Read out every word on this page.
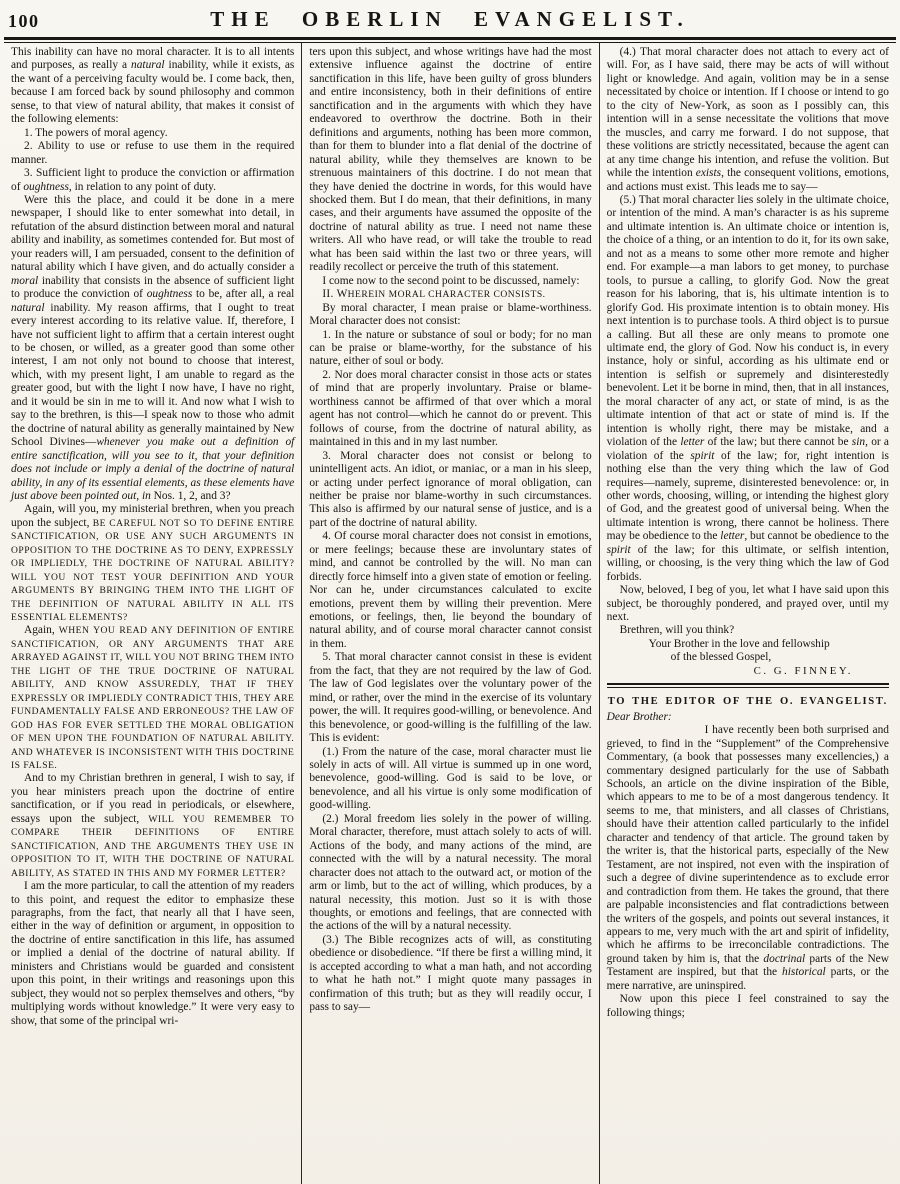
100	THE OBERLIN EVANGELIST.
This inability can have no moral character. It is to all intents and purposes, as really a natural inability, while it exists, as the want of a perceiving faculty would be. I come back, then, because I am forced back by sound philosophy and common sense, to that view of natural ability, that makes it consist of the following elements:
1. The powers of moral agency.
2. Ability to use or refuse to use them in the required manner.
3. Sufficient light to produce the conviction or affirmation of oughtness, in relation to any point of duty.
Were this the place, and could it be done in a mere newspaper, I should like to enter somewhat into detail, in refutation of the absurd distinction between moral and natural ability and inability, as sometimes contended for. But most of your readers will, I am persuaded, consent to the definition of natural ability which I have given, and do actually consider a moral inability that consists in the absence of sufficient light to produce the conviction of oughtness to be, after all, a real natural inability. My reason affirms, that I ought to treat every interest according to its relative value. If, therefore, I have not sufficient light to affirm that a certain interest ought to be chosen, or willed, as a greater good than some other interest, I am not only not bound to choose that interest, which, with my present light, I am unable to regard as the greater good, but with the light I now have, I have no right, and it would be sin in me to will it. And now what I wish to say to the brethren, is this—I speak now to those who admit the doctrine of natural ability as generally maintained by New School Divines—whenever you make out a definition of entire sanctification, will you see to it, that your definition does not include or imply a denial of the doctrine of natural ability, in any of its essential elements, as these elements have just above been pointed out, in Nos. 1, 2, and 3?
Again, will you, my ministerial brethren, when you preach upon the subject, BE CAREFUL NOT SO TO DEFINE ENTIRE SANCTIFICATION, OR USE ANY SUCH ARGUMENTS IN OPPOSITION TO THE DOCTRINE AS TO DENY, EXPRESSLY OR IMPLIEDLY, THE DOCTRINE OF NATURAL ABILITY? WILL YOU NOT TEST YOUR DEFINITION AND YOUR ARGUMENTS BY BRINGING THEM INTO THE LIGHT OF THE DEFINITION OF NATURAL ABILITY IN ALL ITS ESSENTIAL ELEMENTS?
Again, WHEN YOU READ ANY DEFINITION OF ENTIRE SANCTIFICATION, OR ANY ARGUMENTS THAT ARE ARRAYED AGAINST IT, WILL YOU NOT BRING THEM INTO THE LIGHT OF THE TRUE DOCTRINE OF NATURAL ABILITY, AND KNOW ASSUREDLY, THAT IF THEY EXPRESSLY OR IMPLIEDLY CONTRADICT THIS, THEY ARE FUNDAMENTALLY FALSE AND ERRONEOUS? THE LAW OF GOD HAS FOR EVER SETTLED THE MORAL OBLIGATION OF MEN UPON THE FOUNDATION OF NATURAL ABILITY. AND WHATEVER IS INCONSISTENT WITH THIS DOCTRINE IS FALSE.
And to my Christian brethren in general, I wish to say, if you hear ministers preach upon the doctrine of entire sanctification, or if you read in periodicals, or elsewhere, essays upon the subject, WILL YOU REMEMBER TO COMPARE THEIR DEFINITIONS OF ENTIRE SANCTIFICATION, AND THE ARGUMENTS THEY USE IN OPPOSITION TO IT, WITH THE DOCTRINE OF NATURAL ABILITY, AS STATED IN THIS AND MY FORMER LETTER?
I am the more particular, to call the attention of my readers to this point, and request the editor to emphasize these paragraphs, from the fact, that nearly all that I have seen, either in the way of definition or argument, in opposition to the doctrine of entire sanctification in this life, has assumed or implied a denial of the doctrine of natural ability. If ministers and Christians would be guarded and consistent upon this point, in their writings and reasonings upon this subject, they would not so perplex themselves and others, “by multiplying words without knowledge.” It were very easy to show, that some of the principal wri-
ters upon this subject, and whose writings have had the most extensive influence against the doctrine of entire sanctification in this life, have been guilty of gross blunders and entire inconsistency, both in their definitions of entire sanctification and in the arguments with which they have endeavored to overthrow the doctrine. Both in their definitions and arguments, nothing has been more common, than for them to blunder into a flat denial of the doctrine of natural ability, while they themselves are known to be strenuous maintainers of this doctrine. I do not mean that they have denied the doctrine in words, for this would have shocked them. But I do mean, that their definitions, in many cases, and their arguments have assumed the opposite of the doctrine of natural ability as true. I need not name these writers. All who have read, or will take the trouble to read what has been said within the last two or three years, will readily recollect or perceive the truth of this statement.
I come now to the second point to be discussed, namely:
II. WHEREIN MORAL CHARACTER CONSISTS.
By moral character, I mean praise or blame-worthiness. Moral character does not consist:
1. In the nature or substance of soul or body; for no man can be praise or blame-worthy, for the substance of his nature, either of soul or body.
2. Nor does moral character consist in those acts or states of mind that are properly involuntary. Praise or blame-worthiness cannot be affirmed of that over which a moral agent has not control—which he cannot do or prevent. This follows of course, from the doctrine of natural ability, as maintained in this and in my last number.
3. Moral character does not consist or belong to unintelligent acts. An idiot, or maniac, or a man in his sleep, or acting under perfect ignorance of moral obligation, can neither be praise nor blame-worthy in such circumstances. This also is affirmed by our natural sense of justice, and is a part of the doctrine of natural ability.
4. Of course moral character does not consist in emotions, or mere feelings; because these are involuntary states of mind, and cannot be controlled by the will. No man can directly force himself into a given state of emotion or feeling. Nor can he, under circumstances calculated to excite emotions, prevent them by willing their prevention. Mere emotions, or feelings, then, lie beyond the boundary of natural ability, and of course moral character cannot consist in them.
5. That moral character cannot consist in these is evident from the fact, that they are not required by the law of God. The law of God legislates over the voluntary power of the mind, or rather, over the mind in the exercise of its voluntary power, the will. It requires good-willing, or benevolence. And this benevolence, or good-willing is the fulfilling of the law. This is evident:
(1.) From the nature of the case, moral character must lie solely in acts of will. All virtue is summed up in one word, benevolence, good-willing. God is said to be love, or benevolence, and all his virtue is only some modification of good-willing.
(2.) Moral freedom lies solely in the power of willing. Moral character, therefore, must attach solely to acts of will. Actions of the body, and many actions of the mind, are connected with the will by a natural necessity. The moral character does not attach to the outward act, or motion of the arm or limb, but to the act of willing, which produces, by a natural necessity, this motion. Just so it is with those thoughts, or emotions and feelings, that are connected with the actions of the will by a natural necessity.
(3.) The Bible recognizes acts of will, as constituting obedience or disobedience. “If there be first a willing mind, it is accepted according to what a man hath, and not according to what he hath not.” I might quote many passages in confirmation of this truth; but as they will readily occur, I pass to say—
(4.) That moral character does not attach to every act of will. For, as I have said, there may be acts of will without light or knowledge. And again, volition may be in a sense necessitated by choice or intention. If I choose or intend to go to the city of New-York, as soon as I possibly can, this intention will in a sense necessitate the volitions that move the muscles, and carry me forward. I do not suppose, that these volitions are strictly necessitated, because the agent can at any time change his intention, and refuse the volition. But while the intention exists, the consequent volitions, emotions, and actions must exist. This leads me to say—
(5.) That moral character lies solely in the ultimate choice, or intention of the mind. A man’s character is as his supreme and ultimate intention is. An ultimate choice or intention is, the choice of a thing, or an intention to do it, for its own sake, and not as a means to some other more remote and higher end. For example—a man labors to get money, to purchase tools, to pursue a calling, to glorify God. Now the great reason for his laboring, that is, his ultimate intention is to glorify God. His proximate intention is to obtain money. His next intention is to purchase tools. A third object is to pursue a calling. But all these are only means to promote one ultimate end, the glory of God. Now his conduct is, in every instance, holy or sinful, according as his ultimate end or intention is selfish or supremely and disinterestedly benevolent. Let it be borne in mind, then, that in all instances, the moral character of any act, or state of mind, is as the ultimate intention of that act or state of mind is. If the intention is wholly right, there may be mistake, and a violation of the letter of the law; but there cannot be sin, or a violation of the spirit of the law; for, right intention is nothing else than the very thing which the law of God requires—namely, supreme, disinterested benevolence: or, in other words, choosing, willing, or intending the highest glory of God, and the greatest good of universal being. When the ultimate intention is wrong, there cannot be holiness. There may be obedience to the letter, but cannot be obedience to the spirit of the law; for this ultimate, or selfish intention, willing, or choosing, is the very thing which the law of God forbids.
Now, beloved, I beg of you, let what I have said upon this subject, be thoroughly pondered, and prayed over, until my next.
Brethren, will you think?
Your Brother in the love and fellowship
of the blessed Gospel,
C. G. FINNEY.
TO THE EDITOR OF THE O. EVANGELIST.
Dear Brother:
I have recently been both surprised and grieved, to find in the “Supplement” of the Comprehensive Commentary, (a book that possesses many excellencies,) a commentary designed particularly for the use of Sabbath Schools, an article on the divine inspiration of the Bible, which appears to me to be of a most dangerous tendency. It seems to me, that ministers, and all classes of Christians, should have their attention called particularly to the infidel character and tendency of that article. The ground taken by the writer is, that the historical parts, especially of the New Testament, are not inspired, not even with the inspiration of such a degree of divine superintendence as to exclude error and contradiction from them. He takes the ground, that there are palpable inconsistencies and flat contradictions between the writers of the gospels, and points out several instances, it appears to me, very much with the art and spirit of infidelity, which he affirms to be irreconcilable contradictions. The ground taken by him is, that the doctrinal parts of the New Testament are inspired, but that the historical parts, or the mere narrative, are uninspired.
Now upon this piece I feel constrained to say the following things;
